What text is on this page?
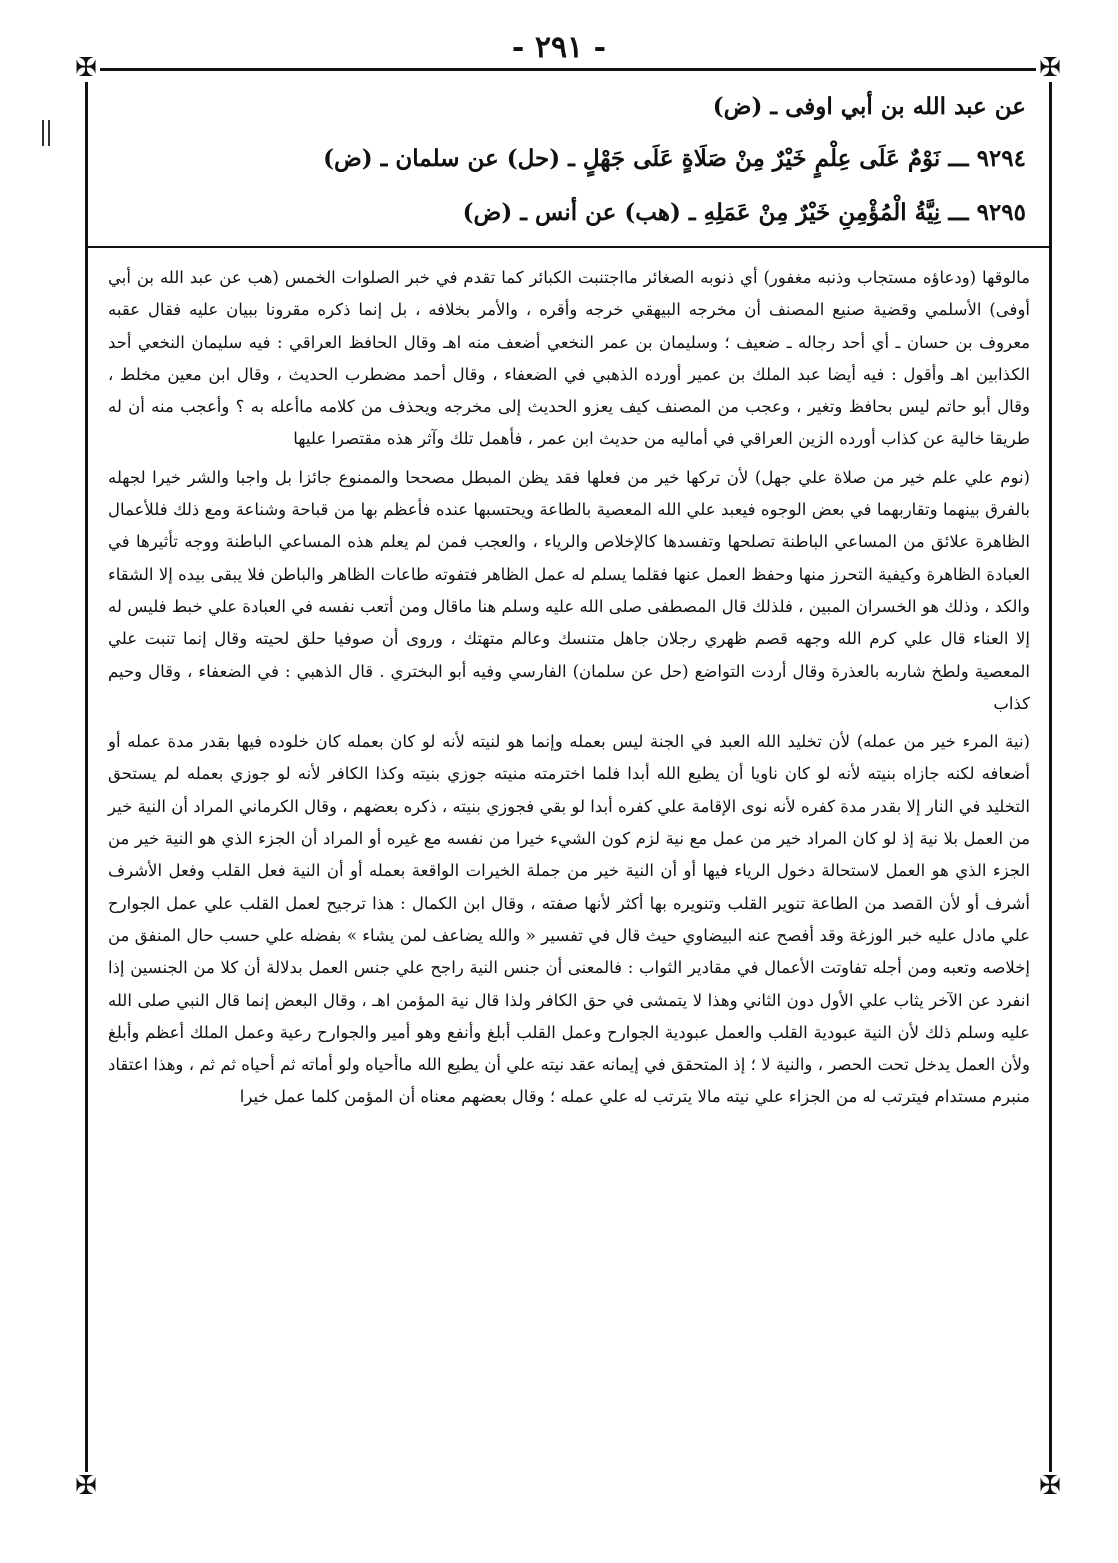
- ٢٩١ -
✠	✠
✠	✠
عن عبد الله بن أبي اوفى ـ (ض)
٩٢٩٤ ـــ نَوْمٌ عَلَى عِلْمٍ خَيْرٌ مِنْ صَلَاةٍ عَلَى جَهْلٍ ـ (حل) عن سلمان ـ (ض)
٩٢٩٥ ـــ نِيَّةُ الْمُؤْمِنِ خَيْرٌ مِنْ عَمَلِهِ ـ (هب) عن أنس ـ (ض)

مالوقها (ودعاؤه مستجاب وذنبه مغفور) أي ذنوبه الصغائر مااجتنبت الكبائر كما تقدم في خبر الصلوات الخمس (هب عن عبد الله بن أبي أوفى) الأسلمي وقضية صنيع المصنف أن مخرجه البيهقي خرجه وأقره ، والأمر بخلافه ، بل إنما ذكره مقرونا ببيان عليه فقال عقبه معروف بن حسان ـ أي أحد رجاله ـ ضعيف ؛ وسليمان بن عمر النخعي أضعف منه اهـ وقال الحافظ العراقي : فيه سليمان النخعي أحد الكذابين اهـ وأقول : فيه أيضا عبد الملك بن عمير أورده الذهبي في الضعفاء ، وقال أحمد مضطرب الحديث ، وقال ابن معين مخلط ، وقال أبو حاتم ليس بحافظ وتغير ، وعجب من المصنف كيف يعزو الحديث إلى مخرجه ويحذف من كلامه ماأعله به ؟ وأعجب منه أن له طريقا خالية عن كذاب أورده الزين العراقي في أماليه من حديث ابن عمر ، فأهمل تلك وآثر هذه مقتصرا عليها

(نوم علي علم خير من صلاة علي جهل) لأن تركها خير من فعلها فقد يظن المبطل مصححا والممنوع جائزا بل واجبا والشر خيرا لجهله بالفرق بينهما وتقاربهما في بعض الوجوه فيعبد علي الله المعصية بالطاعة ويحتسبها عنده فأعظم بها من قباحة وشناعة ومع ذلك فللأعمال الظاهرة علائق من المساعي الباطنة تصلحها وتفسدها كالإخلاص والرياء ، والعجب فمن لم يعلم هذه المساعي الباطنة ووجه تأثيرها في العبادة الظاهرة وكيفية التحرز منها وحفظ العمل عنها فقلما يسلم له عمل الظاهر فتفوته طاعات الظاهر والباطن فلا يبقى بيده إلا الشقاء والكد ، وذلك هو الخسران المبين ، فلذلك قال المصطفى صلى الله عليه وسلم هنا ماقال ومن أتعب نفسه في العبادة علي خبط فليس له إلا العناء قال علي كرم الله وجهه قصم ظهري رجلان جاهل متنسك وعالم متهتك ، وروى أن صوفيا حلق لحيته وقال إنما تنبت علي المعصية ولطخ شاربه بالعذرة وقال أردت التواضع (حل عن سلمان) الفارسي وفيه أبو البختري . قال الذهبي : في الضعفاء ، وقال وحيم كذاب

(نية المرء خير من عمله) لأن تخليد الله العبد في الجنة ليس بعمله وإنما هو لنيته لأنه لو كان بعمله كان خلوده فيها بقدر مدة عمله أو أضعافه لكنه جازاه بنيته لأنه لو كان ناويا أن يطيع الله أبدا فلما اخترمته منيته جوزي بنيته وكذا الكافر لأنه لو جوزي بعمله لم يستحق التخليد في النار إلا بقدر مدة كفره لأنه نوى الإقامة علي كفره أبدا لو بقي فجوزي بنيته ، ذكره بعضهم ، وقال الكرماني المراد أن النية خير من العمل بلا نية إذ لو كان المراد خير من عمل مع نية لزم كون الشيء خيرا من نفسه مع غيره أو المراد أن الجزء الذي هو النية خير من الجزء الذي هو العمل لاستحالة دخول الرياء فيها أو أن النية خير من جملة الخيرات الواقعة بعمله أو أن النية فعل القلب وفعل الأشرف أشرف أو لأن القصد من الطاعة تنوير القلب وتنويره بها أكثر لأنها صفته ، وقال ابن الكمال : هذا ترجيح لعمل القلب علي عمل الجوارح علي مادل عليه خبر الوزغة وقد أفصح عنه البيضاوي حيث قال في تفسير « والله يضاعف لمن يشاء » بفضله علي حسب حال المنفق من إخلاصه وتعبه ومن أجله تفاوتت الأعمال في مقادير الثواب : فالمعنى أن جنس النية راجح علي جنس العمل بدلالة أن كلا من الجنسين إذا انفرد عن الآخر يثاب علي الأول دون الثاني وهذا لا يتمشى في حق الكافر ولذا قال نية المؤمن اهـ ، وقال البعض إنما قال النبي صلى الله عليه وسلم ذلك لأن النية عبودية القلب والعمل عبودية الجوارح وعمل القلب أبلغ وأنفع وهو أمير والجوارح رعية وعمل الملك أعظم وأبلغ ولأن العمل يدخل تحت الحصر ، والنية لا ؛ إذ المتحقق في إيمانه عقد نيته علي أن يطيع الله ماأحياه ولو أماته ثم أحياه ثم ثم ، وهذا اعتقاد منبرم مستدام فيترتب له من الجزاء علي نيته مالا يترتب له علي عمله ؛ وقال بعضهم معناه أن المؤمن كلما عمل خيرا
